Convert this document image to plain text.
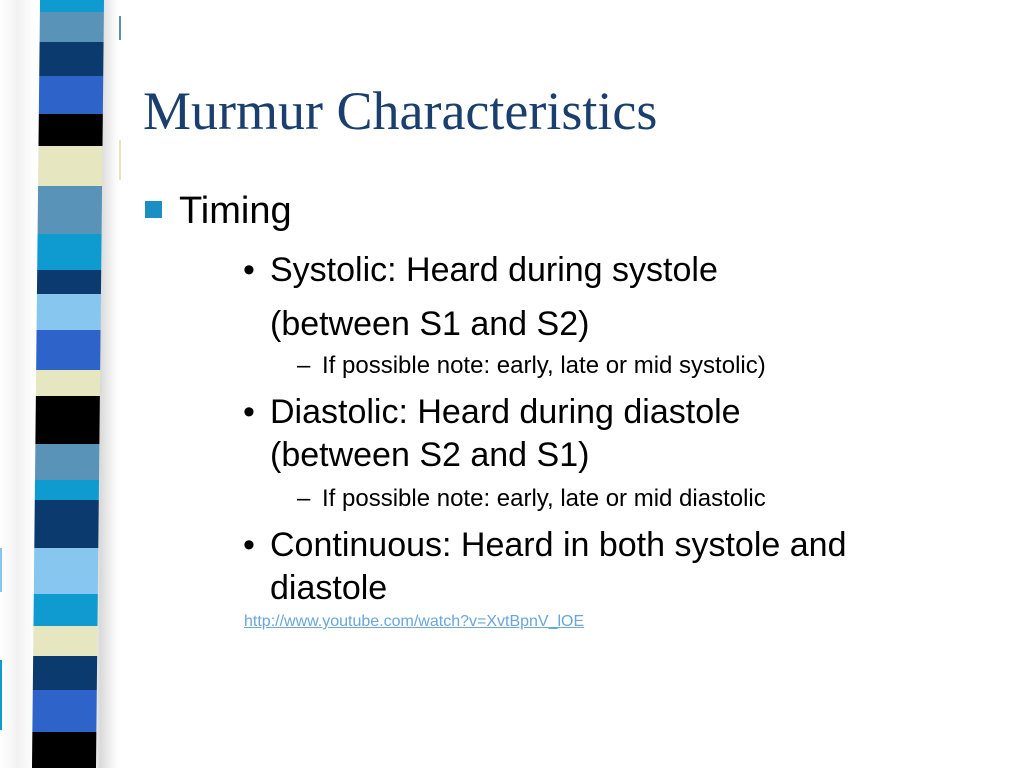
Murmur Characteristics
Timing
• Systolic: Heard during systole
(between S1 and S2)
– If possible note: early, late or mid systolic)
• Diastolic: Heard during diastole
(between S2 and S1)
– If possible note: early, late or mid diastolic
• Continuous: Heard in both systole and
diastole
http://www.youtube.com/watch?v=XvtBpnV_lOE
